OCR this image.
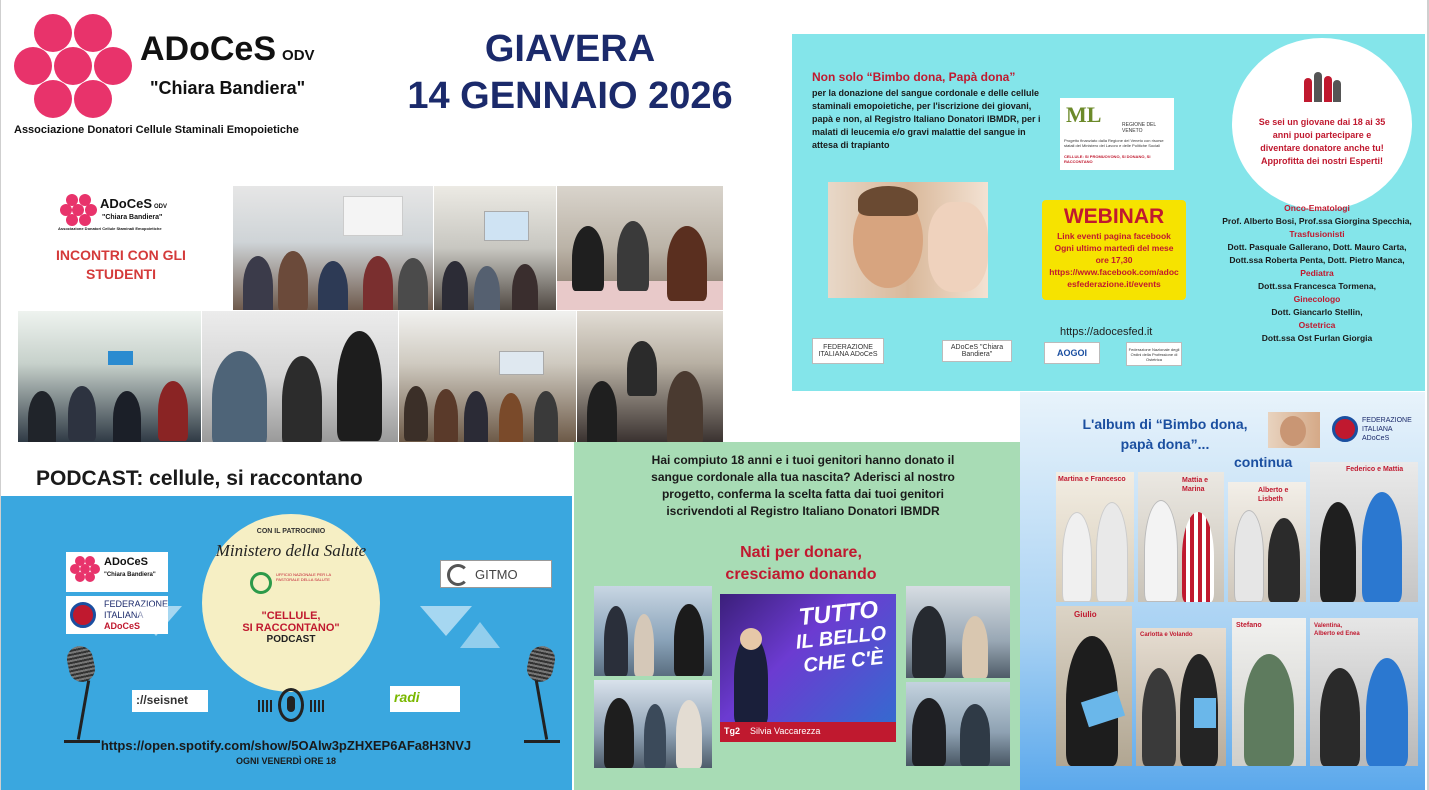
ADoCeS ODV
"Chiara Bandiera"
Associazione Donatori Cellule Staminali Emopoietiche
GIAVERA
14 GENNAIO 2026
ADoCeS ODV
"Chiara Bandiera"
Associazione Donatori Cellule Staminali Emopoietiche
INCONTRI CON GLI
STUDENTI
Non solo “Bimbo dona, Papà dona”
per la donazione del sangue cordonale e delle cellule staminali emopoietiche, per l'iscrizione dei giovani, papà e non, al Registro Italiano Donatori IBMDR, per i malati di leucemia e/o gravi malattie del sangue in attesa di trapianto
ML	REGIONE DEL VENETO
Progetto finanziato dalla Regione del Veneto con risorse statali del Ministero del Lavoro e delle Politiche Sociali
CELLULE: SI PROMUOVONO, SI DONANO, SI RACCONTANO
Se sei un giovane dai 18 ai 35 anni puoi partecipare e diventare donatore anche tu! Approfitta dei nostri Esperti!
WEBINAR
Link eventi pagina facebook
Ogni ultimo martedì del mese
ore 17,30
https://www.facebook.com/adocesfederazione.it/events
Onco-Ematologi
Prof. Alberto Bosi, Prof.ssa Giorgina Specchia,
Trasfusionisti
Dott. Pasquale Gallerano, Dott. Mauro Carta, Dott.ssa Roberta Penta, Dott. Pietro Manca,
Pediatra
Dott.ssa Francesca Tormena,
Ginecologo
Dott. Giancarlo Stellin,
Ostetrica
Dott.ssa Ost Furlan Giorgia
https://adocesfed.it
FEDERAZIONE ITALIANA ADoCeS
ADoCeS "Chiara Bandiera"	AOGOI	Federazione Nazionale degli Ordini della Professione di Ostetrica
PODCAST: cellule, si raccontano
ADoCeS
"Chiara Bandiera"
FEDERAZIONE
ITALIANA
ADoCeS
CON IL PATROCINIO
Ministero della Salute
UFFICIO NAZIONALE PER LA PASTORALE DELLA SALUTE
"CELLULE,
SI RACCONTANO"
PODCAST
GITMO
://seisnet	radi
https://open.spotify.com/show/5OAlw3pZHXEP6AFa8H3NVJ
OGNI VENERDÌ ORE 18
Hai compiuto 18 anni e i tuoi genitori hanno donato il sangue cordonale alla tua nascita? Aderisci al nostro progetto, conferma la scelta fatta dai tuoi genitori iscrivendoti al Registro Italiano Donatori IBMDR
Nati per donare,
cresciamo donando
TUTTO
IL BELLO
CHE C'È
Tg2 Silvia Vaccarezza
L'album di “Bimbo dona,
papà dona”...
FEDERAZIONE ITALIANA ADoCeS
continua
Martina e Francesco	Mattia e Marina	Alberto e Lisbeth
Federico e Mattia
Giulio
Carlotta e Volando
Stefano	Valentina, Alberto ed Enea
